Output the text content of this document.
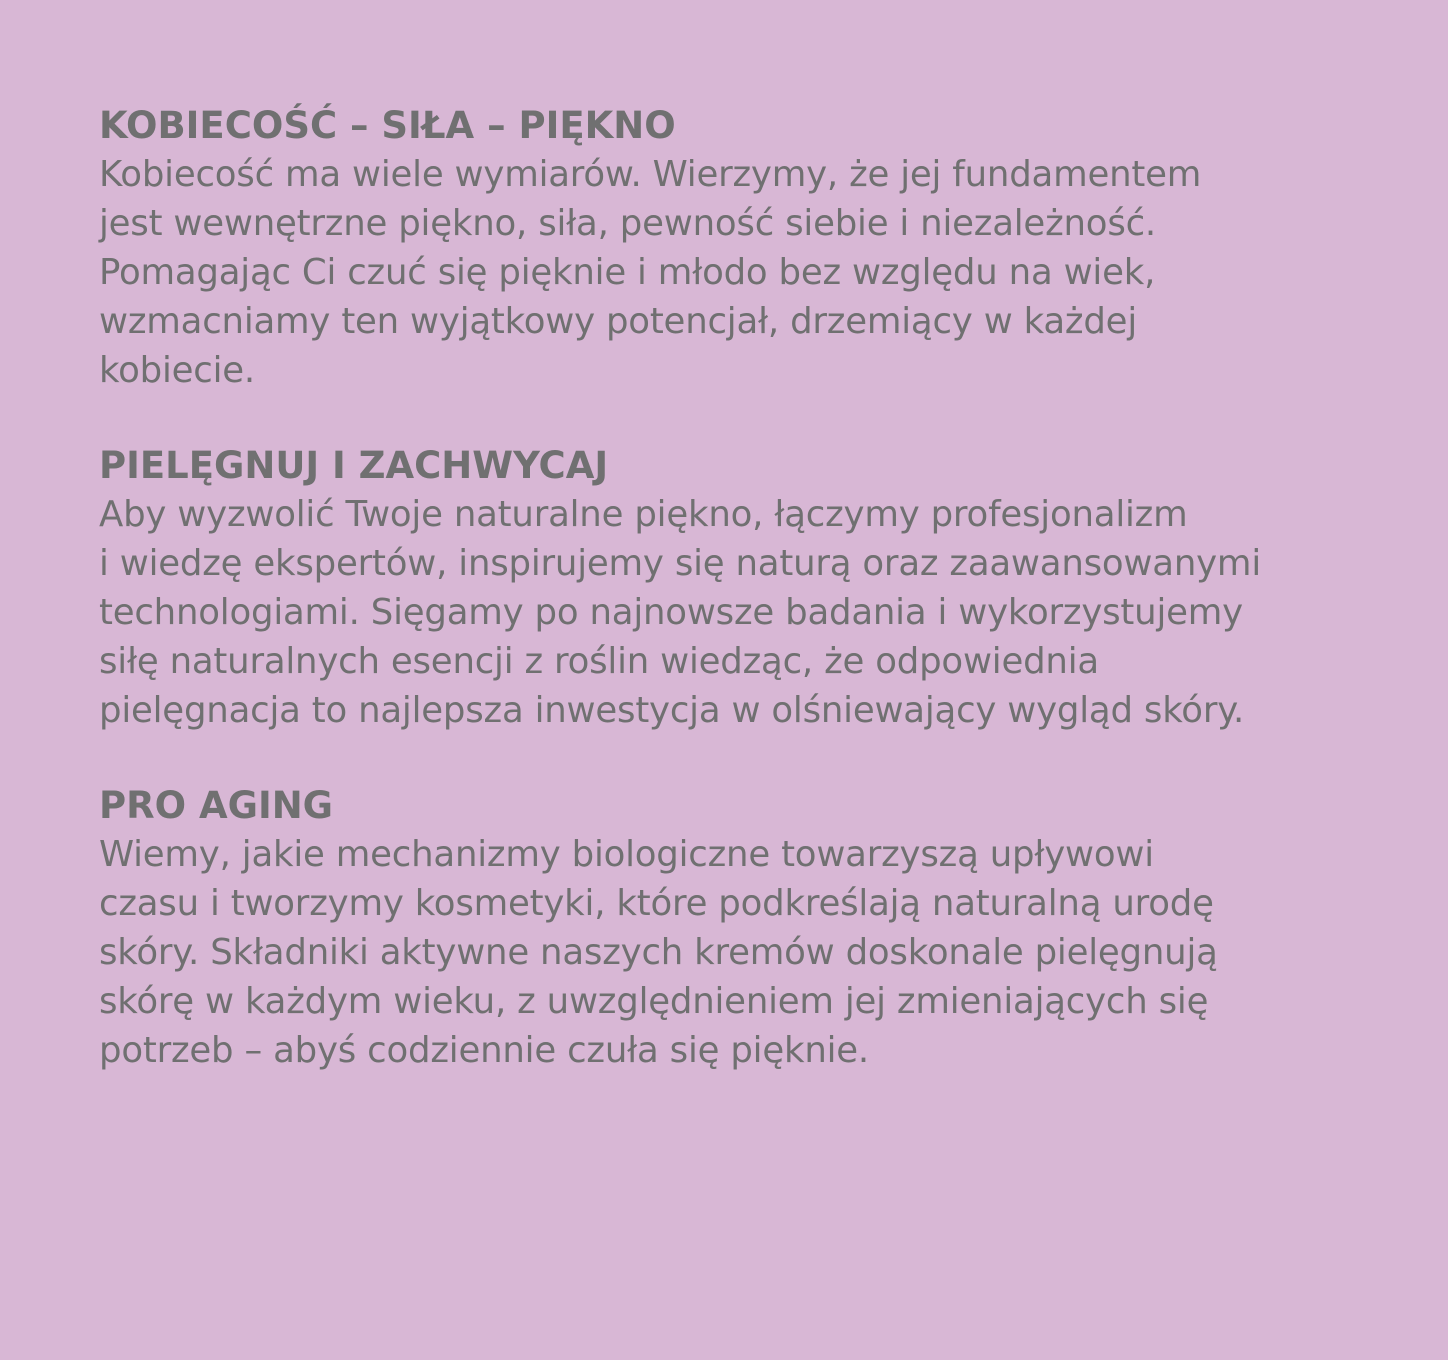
KOBIECOŚĆ – SIŁA – PIĘKNO
Kobiecość ma wiele wymiarów. Wierzymy, że jej fundamentem
jest wewnętrzne piękno, siła, pewność siebie i niezależność.
Pomagając Ci czuć się pięknie i młodo bez względu na wiek,
wzmacniamy ten wyjątkowy potencjał, drzemiący w każdej
kobiecie.
PIELĘGNUJ I ZACHWYCAJ
Aby wyzwolić Twoje naturalne piękno, łączymy profesjonalizm
i wiedzę ekspertów, inspirujemy się naturą oraz zaawansowanymi
technologiami. Sięgamy po najnowsze badania i wykorzystujemy
siłę naturalnych esencji z roślin wiedząc, że odpowiednia
pielęgnacja to najlepsza inwestycja w olśniewający wygląd skóry.
PRO AGING
Wiemy, jakie mechanizmy biologiczne towarzyszą upływowi
czasu i tworzymy kosmetyki, które podkreślają naturalną urodę
skóry. Składniki aktywne naszych kremów doskonale pielęgnują
skórę w każdym wieku, z uwzględnieniem jej zmieniających się
potrzeb – abyś codziennie czuła się pięknie.
